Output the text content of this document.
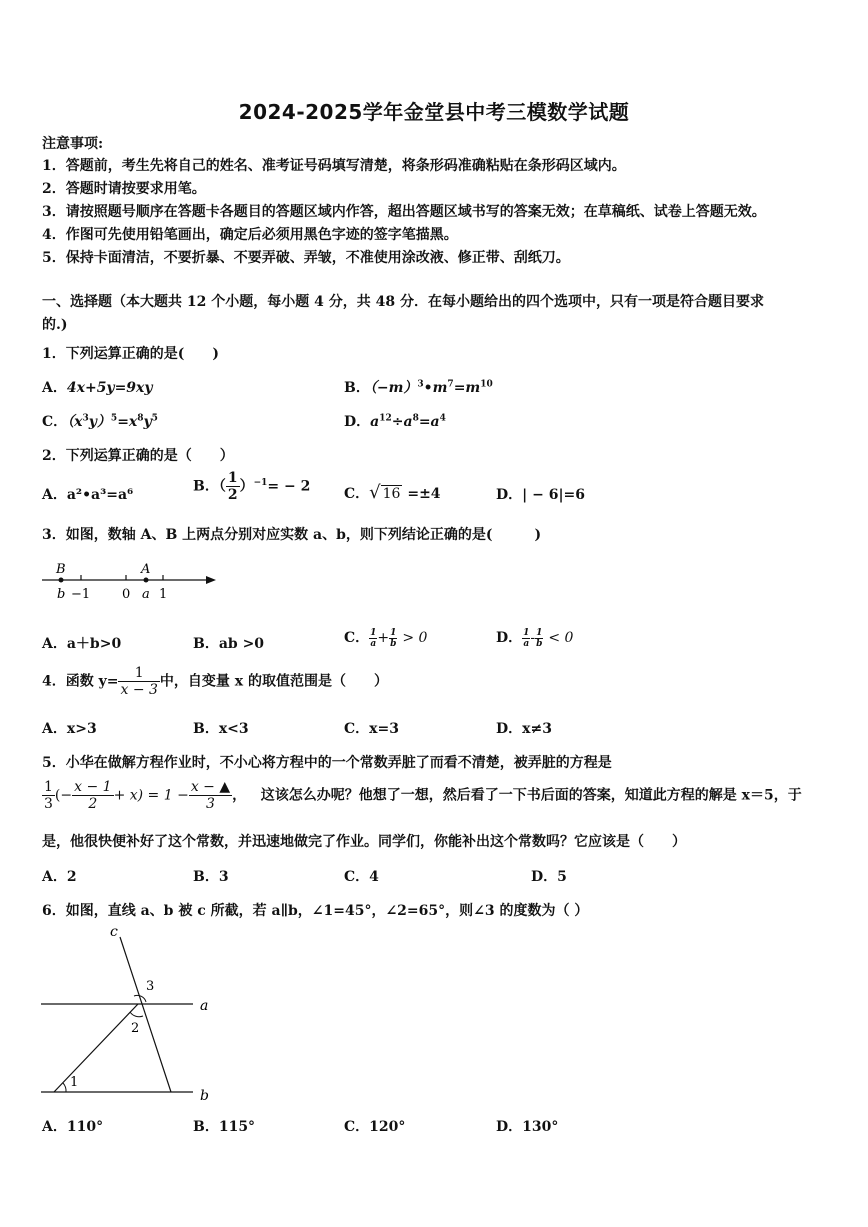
2024-2025学年金堂县中考三模数学试题
注意事项:
1．答题前，考生先将自己的姓名、准考证号码填写清楚，将条形码准确粘贴在条形码区域内。
2．答题时请按要求用笔。
3．请按照题号顺序在答题卡各题目的答题区域内作答，超出答题区域书写的答案无效；在草稿纸、试卷上答题无效。
4．作图可先使用铅笔画出，确定后必须用黑色字迹的签字笔描黑。
5．保持卡面清洁，不要折暴、不要弄破、弄皱，不准使用涂改液、修正带、刮纸刀。
一、选择题（本大题共 12 个小题，每小题 4 分，共 48 分．在每小题给出的四个选项中，只有一项是符合题目要求
的.)
1．下列运算正确的是(　　)
A．4x+5y=9xy	B．$(-m)^3•m^7=m^{10}$
C．$(x^3y)^5=x^8y^5$	D．$a^{12}\div a^8=a^4$
2．下列运算正确的是（　　）
A．a²•a³=a⁶
B．（ $\frac{1}{2} )^{-1}= - 2$ C．√ 16 =±4	D．| − 6|=6
3．如图，数轴 A、B 上两点分别对应实数 a、b，则下列结论正确的是(　　　)
B	A
b −1 0 a 1
A．a＋b>0	B．ab >0	C． $\frac{1}{a} + \frac{1}{b} > 0$	D． $\frac{1}{a} - \frac{1}{b} < 0$
4．函数 $y= \frac{1}{x - 3}$ 中，自变量 x 的取值范围是（　　）
A．x>3	B．x<3	C．x=3	D．x≠3
5．小华在做解方程作业时，不小心将方程中的一个常数弄脏了而看不清楚，被弄脏的方程是
$\frac{1}{3}$ (− $\frac{x - 1}{2} + x) = 1 - \frac{x - ▲}{3}$ ， 这该怎么办呢？他想了一想，然后看了一下书后面的答案，知道此方程的解是 x＝5，于
是，他很快便补好了这个常数，并迅速地做完了作业。同学们，你能补出这个常数吗？它应该是（　　）
A．2	B．3	C．4	D．5
6．如图，直线 a、b 被 c 所截，若 a∥b，∠1=45°，∠2=65°，则∠3 的度数为（ ）
c
a
b
1
2
3
A．110°	B．115°	C．120°	D．130°
